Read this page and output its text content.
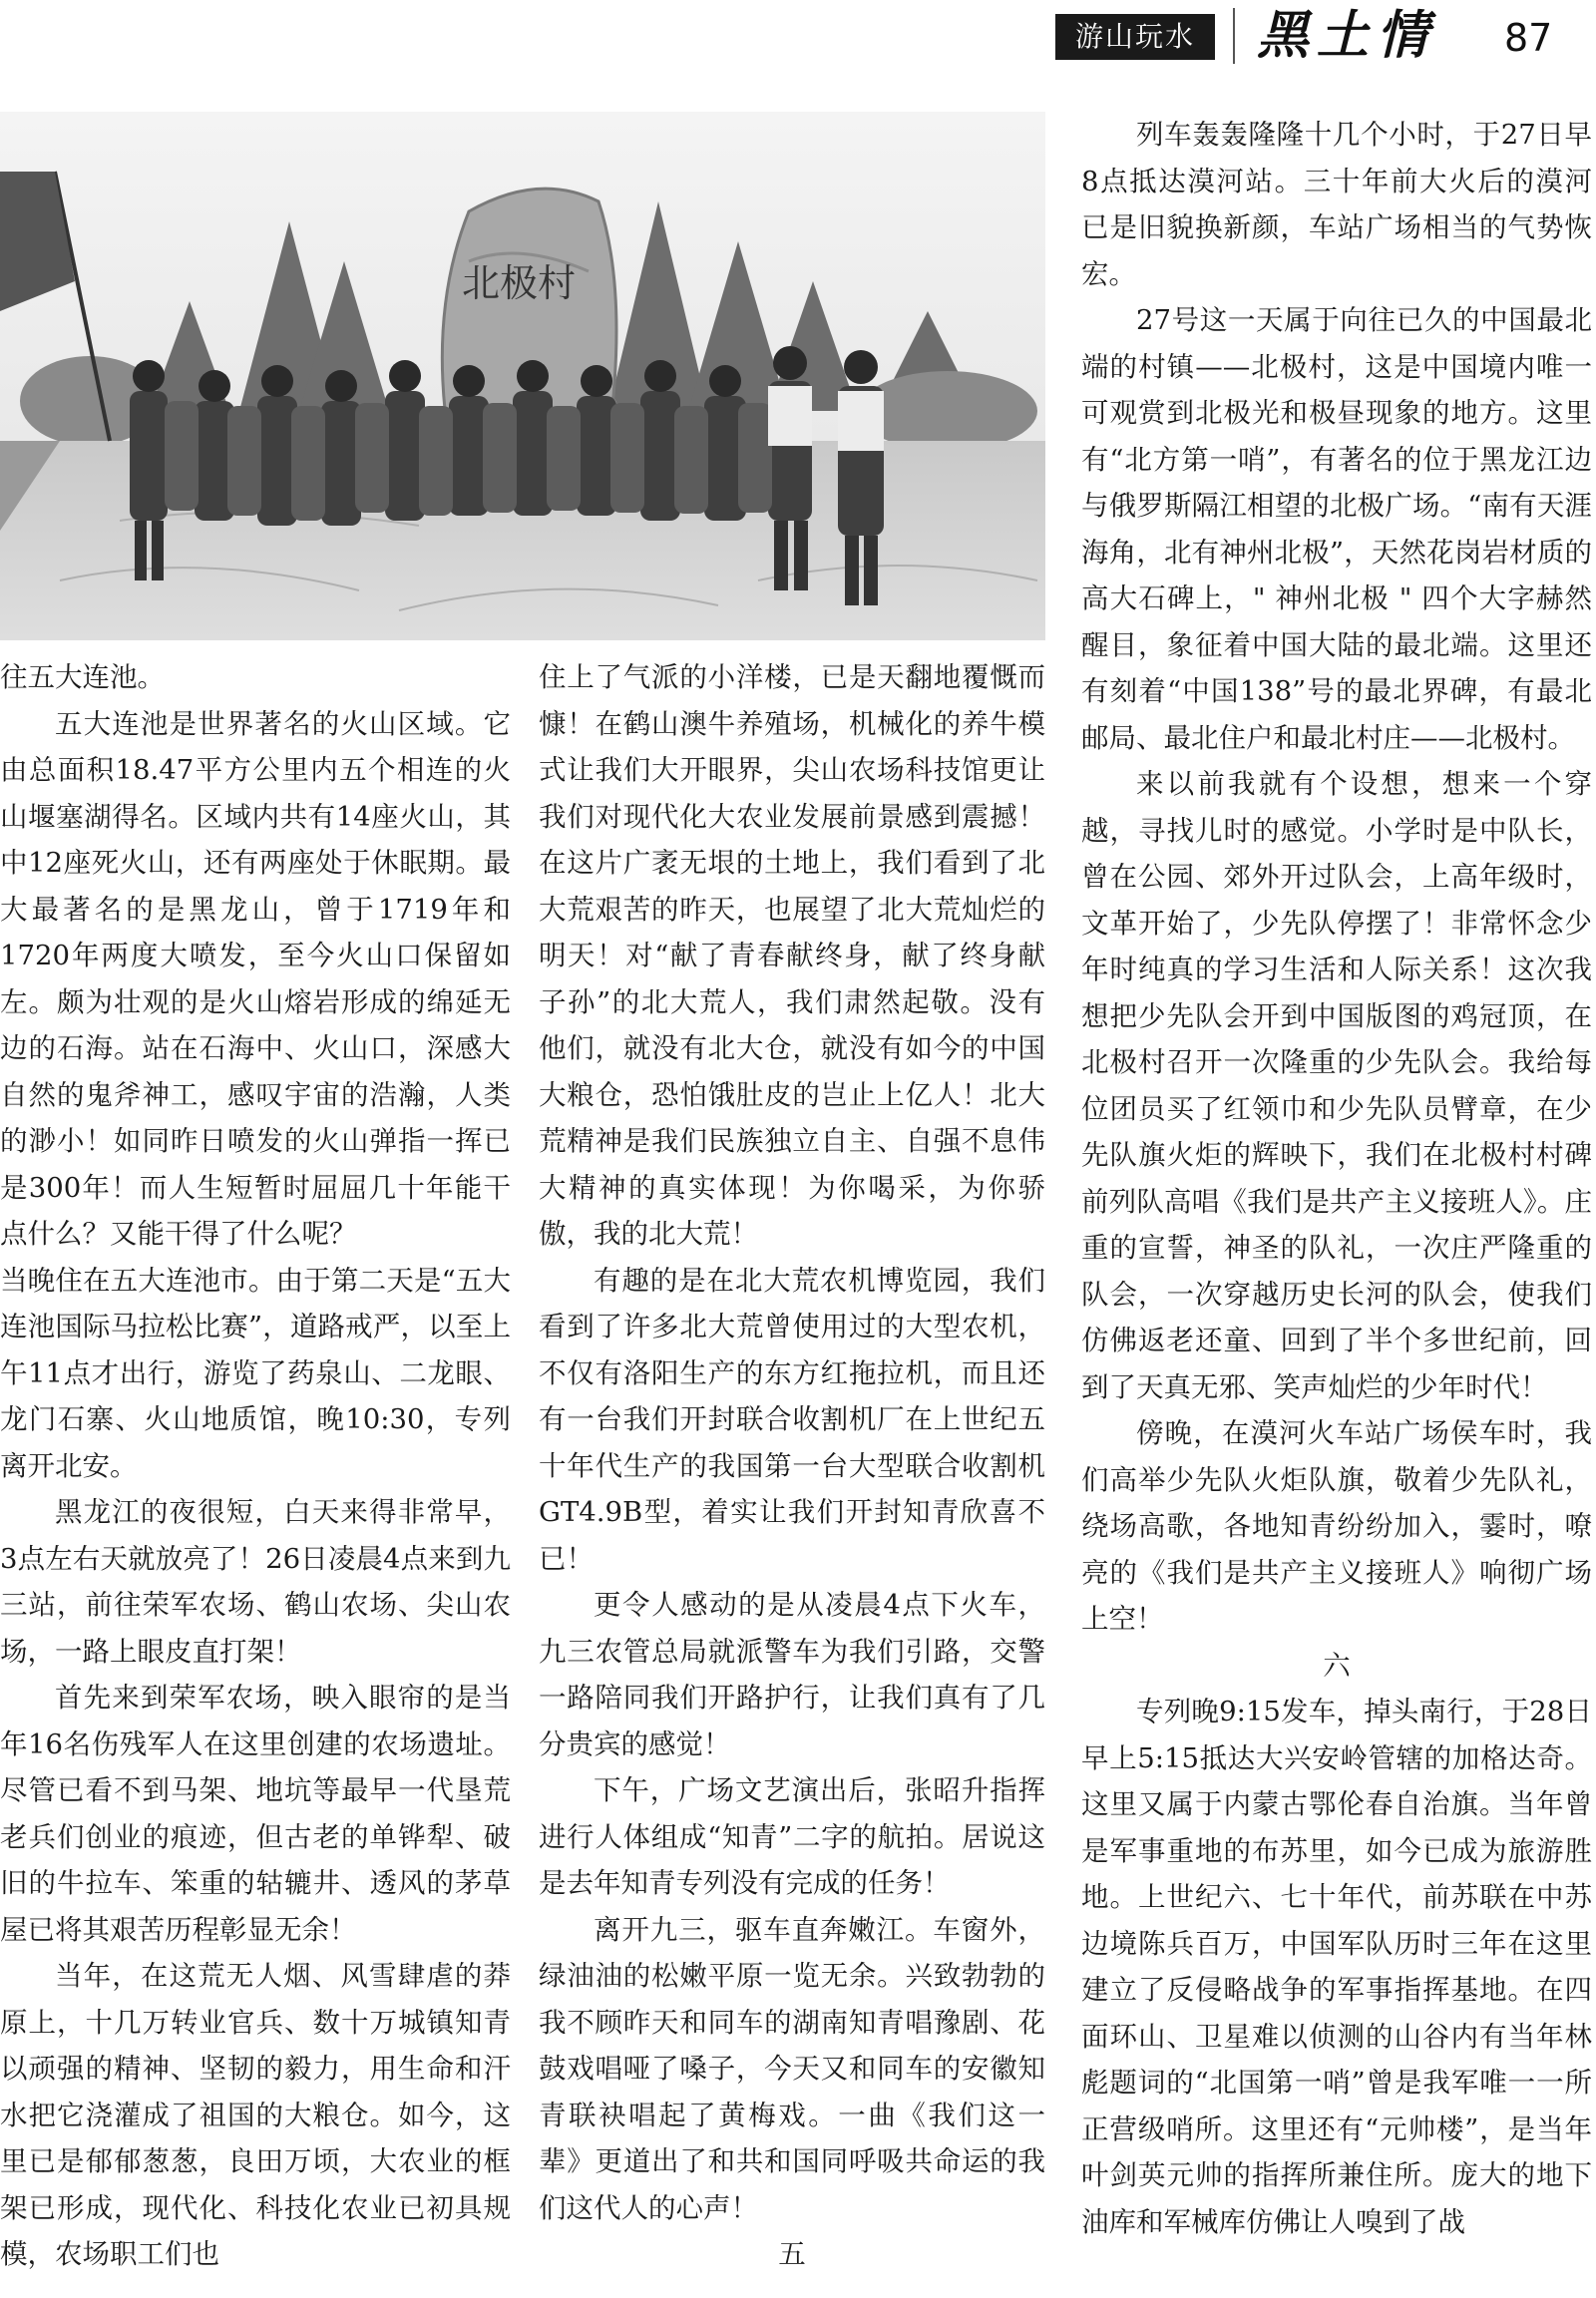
游山玩水	黑土情	87
北极村

往五大连池。

五大连池是世界著名的火山区域。它由总面积18.47平方公里内五个相连的火山堰塞湖得名。区域内共有14座火山，其中12座死火山，还有两座处于休眠期。最大最著名的是黑龙山，曾于1719年和1720年两度大喷发，至今火山口保留如左。颇为壮观的是火山熔岩形成的绵延无边的石海。站在石海中、火山口，深感大自然的鬼斧神工，感叹宇宙的浩瀚，人类的渺小！如同昨日喷发的火山弹指一挥已是300年！而人生短暂时屈屈几十年能干点什么？又能干得了什么呢？

当晚住在五大连池市。由于第二天是“五大连池国际马拉松比赛”，道路戒严，以至上午11点才出行，游览了药泉山、二龙眼、龙门石寨、火山地质馆，晚10:30，专列离开北安。

黑龙江的夜很短，白天来得非常早，3点左右天就放亮了！26日凌晨4点来到九三站，前往荣军农场、鹤山农场、尖山农场，一路上眼皮直打架！

首先来到荣军农场，映入眼帘的是当年16名伤残军人在这里创建的农场遗址。尽管已看不到马架、地坑等最早一代垦荒老兵们创业的痕迹，但古老的单铧犁、破旧的牛拉车、笨重的轱辘井、透风的茅草屋已将其艰苦历程彰显无余！

当年，在这荒无人烟、风雪肆虐的莽原上，十几万转业官兵、数十万城镇知青以顽强的精神、坚韧的毅力，用生命和汗水把它浇灌成了祖国的大粮仓。如今，这里已是郁郁葱葱，良田万顷，大农业的框架已形成，现代化、科技化农业已初具规模，农场职工们也

住上了气派的小洋楼，已是天翻地覆慨而慷！在鹤山澳牛养殖场，机械化的养牛模式让我们大开眼界，尖山农场科技馆更让我们对现代化大农业发展前景感到震撼！在这片广袤无垠的土地上，我们看到了北大荒艰苦的昨天，也展望了北大荒灿烂的明天！对“献了青春献终身，献了终身献子孙”的北大荒人，我们肃然起敬。没有他们，就没有北大仓，就没有如今的中国大粮仓，恐怕饿肚皮的岂止上亿人！北大荒精神是我们民族独立自主、自强不息伟大精神的真实体现！为你喝采，为你骄傲，我的北大荒！

有趣的是在北大荒农机博览园，我们看到了许多北大荒曾使用过的大型农机，不仅有洛阳生产的东方红拖拉机，而且还有一台我们开封联合收割机厂在上世纪五十年代生产的我国第一台大型联合收割机GT4.9B型，着实让我们开封知青欣喜不已！

更令人感动的是从凌晨4点下火车，九三农管总局就派警车为我们引路，交警一路陪同我们开路护行，让我们真有了几分贵宾的感觉！

下午，广场文艺演出后，张昭升指挥进行人体组成“知青”二字的航拍。居说这是去年知青专列没有完成的任务！

离开九三，驱车直奔嫩江。车窗外，绿油油的松嫩平原一览无余。兴致勃勃的我不顾昨天和同车的湖南知青唱豫剧、花鼓戏唱哑了嗓子，今天又和同车的安徽知青联袂唱起了黄梅戏。一曲《我们这一辈》更道出了和共和国同呼吸共命运的我们这代人的心声！

五

列车轰轰隆隆十几个小时，于27日早8点抵达漠河站。三十年前大火后的漠河已是旧貌换新颜，车站广场相当的气势恢宏。

27号这一天属于向往已久的中国最北端的村镇——北极村，这是中国境内唯一可观赏到北极光和极昼现象的地方。这里有“北方第一哨”，有著名的位于黑龙江边与俄罗斯隔江相望的北极广场。“南有天涯海角，北有神州北极”，天然花岗岩材质的高大石碑上，" 神州北极 " 四个大字赫然醒目，象征着中国大陆的最北端。这里还有刻着“中国138”号的最北界碑，有最北邮局、最北住户和最北村庄——北极村。

来以前我就有个设想，想来一个穿越，寻找儿时的感觉。小学时是中队长，曾在公园、郊外开过队会，上高年级时，文革开始了，少先队停摆了！非常怀念少年时纯真的学习生活和人际关系！这次我想把少先队会开到中国版图的鸡冠顶，在北极村召开一次隆重的少先队会。我给每位团员买了红领巾和少先队员臂章，在少先队旗火炬的辉映下，我们在北极村村碑前列队高唱《我们是共产主义接班人》。庄重的宣誓，神圣的队礼，一次庄严隆重的队会，一次穿越历史长河的队会，使我们仿佛返老还童、回到了半个多世纪前，回到了天真无邪、笑声灿烂的少年时代！

傍晚，在漠河火车站广场侯车时，我们高举少先队火炬队旗，敬着少先队礼，绕场高歌，各地知青纷纷加入，霎时，嘹亮的《我们是共产主义接班人》响彻广场上空！

六

专列晚9:15发车，掉头南行，于28日早上5:15抵达大兴安岭管辖的加格达奇。这里又属于内蒙古鄂伦春自治旗。当年曾是军事重地的布苏里，如今已成为旅游胜地。上世纪六、七十年代，前苏联在中苏边境陈兵百万，中国军队历时三年在这里建立了反侵略战争的军事指挥基地。在四面环山、卫星难以侦测的山谷内有当年林彪题词的“北国第一哨”曾是我军唯一一所正营级哨所。这里还有“元帅楼”，是当年叶剑英元帅的指挥所兼住所。庞大的地下油库和军械库仿佛让人嗅到了战
